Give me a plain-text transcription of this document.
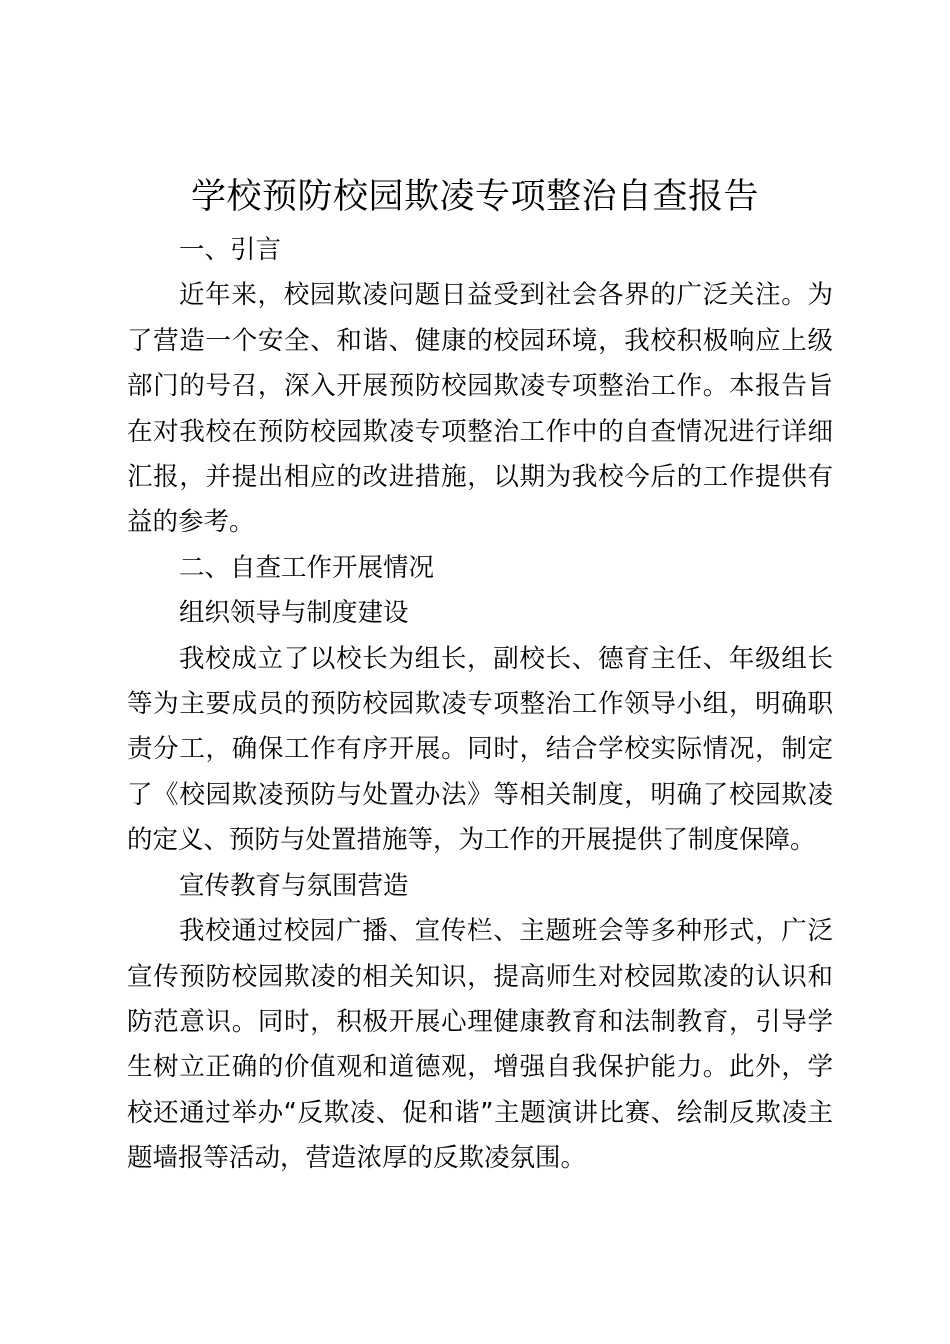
学校预防校园欺凌专项整治自查报告

一、引言

近年来，校园欺凌问题日益受到社会各界的广泛关注。为了营造一个安全、和谐、健康的校园环境，我校积极响应上级部门的号召，深入开展预防校园欺凌专项整治工作。本报告旨在对我校在预防校园欺凌专项整治工作中的自查情况进行详细汇报，并提出相应的改进措施，以期为我校今后的工作提供有益的参考。

二、自查工作开展情况

组织领导与制度建设

我校成立了以校长为组长，副校长、德育主任、年级组长等为主要成员的预防校园欺凌专项整治工作领导小组，明确职责分工，确保工作有序开展。同时，结合学校实际情况，制定了《校园欺凌预防与处置办法》等相关制度，明确了校园欺凌的定义、预防与处置措施等，为工作的开展提供了制度保障。

宣传教育与氛围营造

我校通过校园广播、宣传栏、主题班会等多种形式，广泛宣传预防校园欺凌的相关知识，提高师生对校园欺凌的认识和防范意识。同时，积极开展心理健康教育和法制教育，引导学生树立正确的价值观和道德观，增强自我保护能力。此外，学校还通过举办“反欺凌、促和谐”主题演讲比赛、绘制反欺凌主题墙报等活动，营造浓厚的反欺凌氛围。
